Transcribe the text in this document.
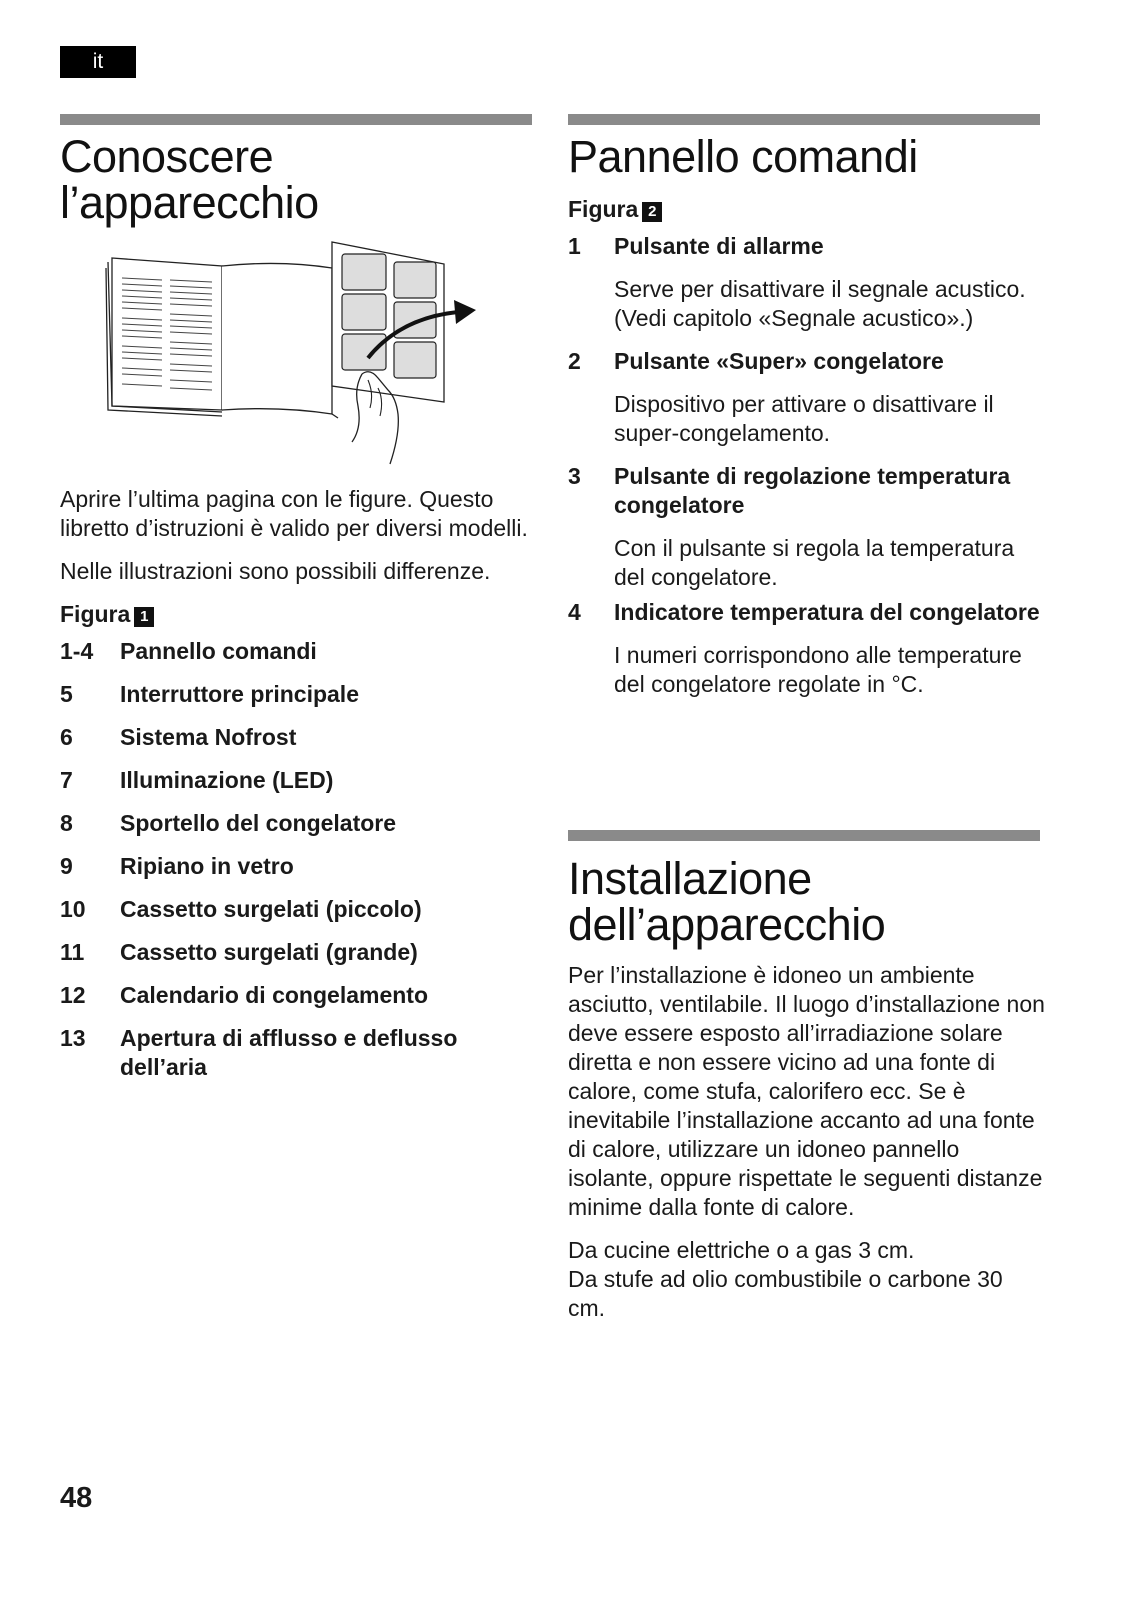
it
Conoscere
l’apparecchio

Aprire l’ultima pagina con le figure. Questo libretto d’istruzioni è valido per diversi modelli.

Nelle illustrazioni sono possibili differenze.

Figura 1
1-4	Pannello comandi
5	Interruttore principale
6	Sistema Nofrost
7	Illuminazione (LED)
8	Sportello del congelatore
9	Ripiano in vetro
10	Cassetto surgelati (piccolo)
11	Cassetto surgelati (grande)
12	Calendario di congelamento
13	Apertura di afflusso e deflusso dell’aria
Pannello comandi
Figura 2
1	Pulsante di allarme
Serve per disattivare il segnale acustico.
(Vedi capitolo «Segnale acustico».)
2	Pulsante «Super» congelatore
Dispositivo per attivare o disattivare il super-congelamento.
3	Pulsante di regolazione temperatura congelatore
Con il pulsante si regola la temperatura del congelatore.
4	Indicatore temperatura del congelatore
I numeri corrispondono alle temperature del congelatore regolate in °C.
Installazione
dell’apparecchio

Per l’installazione è idoneo un ambiente asciutto, ventilabile. Il luogo d’installazione non deve essere esposto all’irradiazione solare diretta e non essere vicino ad una fonte di calore, come stufa, calorifero ecc. Se è inevitabile l’installazione accanto ad una fonte di calore, utilizzare un idoneo pannello isolante, oppure rispettate le seguenti distanze minime dalla fonte di calore.

Da cucine elettriche o a gas 3 cm.
Da stufe ad olio combustibile o carbone 30 cm.

48
